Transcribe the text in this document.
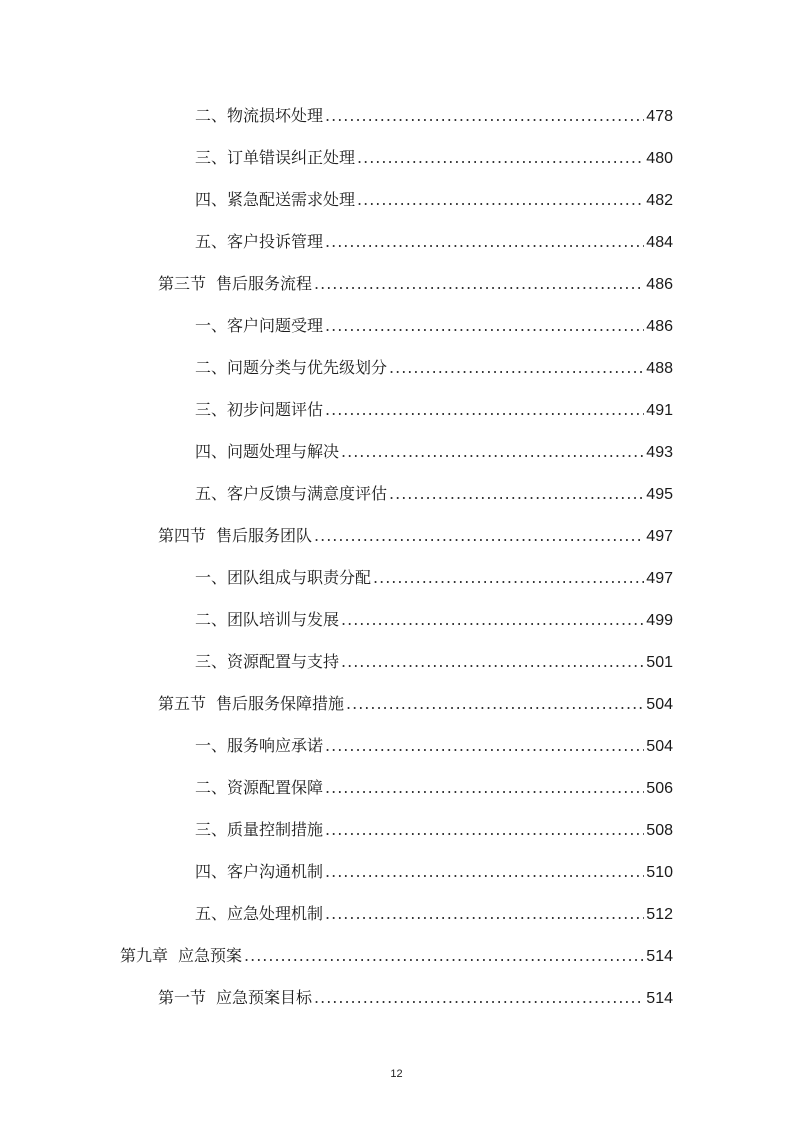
二、物流损坏处理 .....	478
三、订单错误纠正处理 .....	480
四、紧急配送需求处理 .....	482
五、客户投诉管理 .....	484
第三节 售后服务流程 .....	486
一、客户问题受理 .....	486
二、问题分类与优先级划分 .....	488
三、初步问题评估 .....	491
四、问题处理与解决 .....	493
五、客户反馈与满意度评估 .....	495
第四节 售后服务团队 .....	497
一、团队组成与职责分配 .....	497
二、团队培训与发展 .....	499
三、资源配置与支持 .....	501
第五节 售后服务保障措施 .....	504
一、服务响应承诺 .....	504
二、资源配置保障 .....	506
三、质量控制措施 .....	508
四、客户沟通机制 .....	510
五、应急处理机制 .....	512
第九章 应急预案 .....	514
第一节 应急预案目标 .....	514
12
